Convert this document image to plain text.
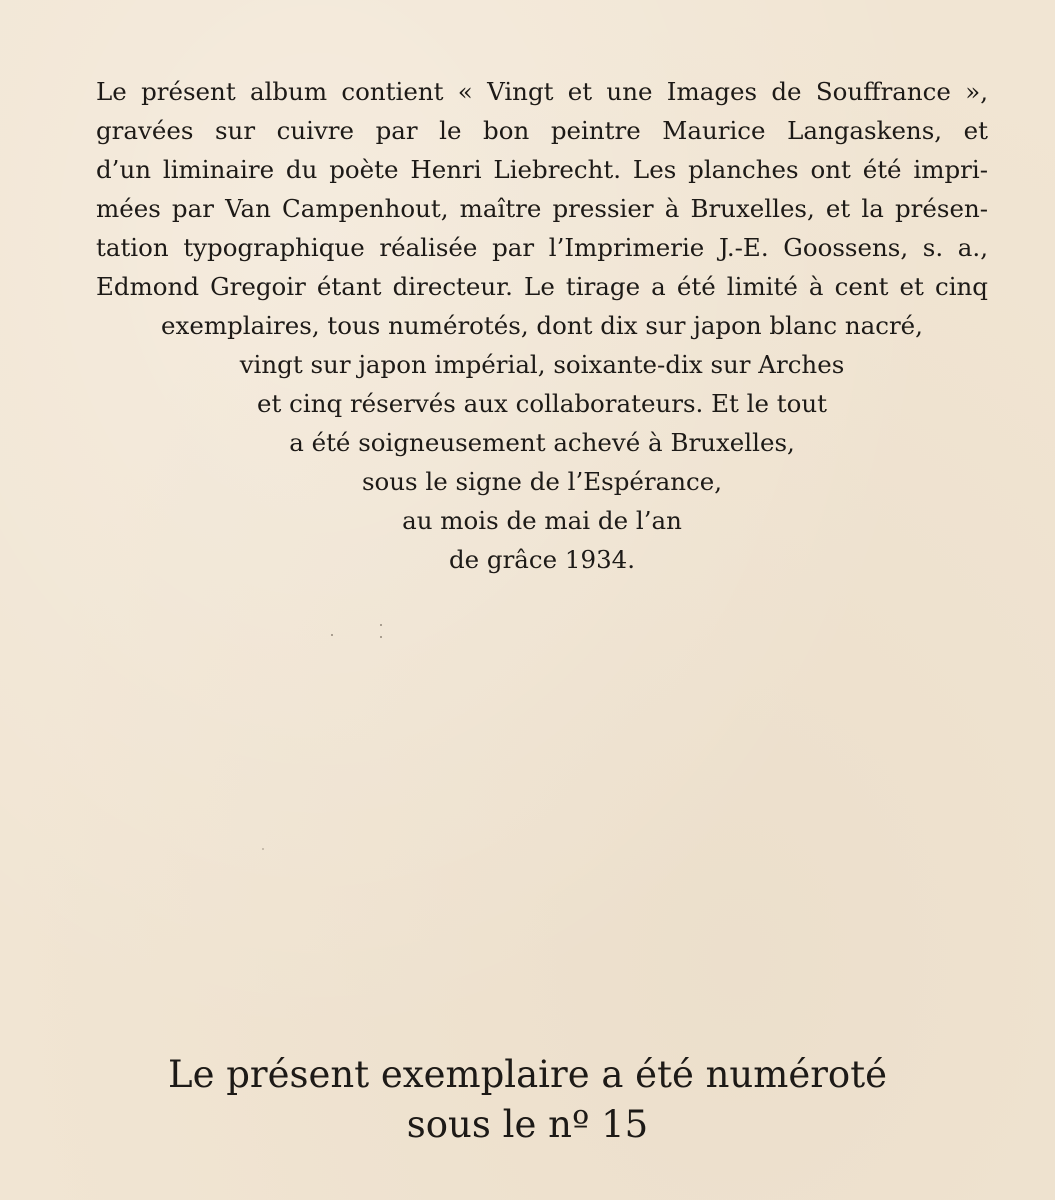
Le présent album contient « Vingt et une Images de Souffrance »,
gravées sur cuivre par le bon peintre Maurice Langaskens, et
d’un liminaire du poète Henri Liebrecht. Les planches ont été impri-
mées par Van Campenhout, maître pressier à Bruxelles, et la présen-
tation typographique réalisée par l’Imprimerie J.-E. Goossens, s. a.,
Edmond Gregoir étant directeur. Le tirage a été limité à cent et cinq
exemplaires, tous numérotés, dont dix sur japon blanc nacré,
vingt sur japon impérial, soixante-dix sur Arches
et cinq réservés aux collaborateurs. Et le tout
a été soigneusement achevé à Bruxelles,
sous le signe de l’Espérance,
au mois de mai de l’an
de grâce 1934.
Le présent exemplaire a été numéroté
sous le nº 15
